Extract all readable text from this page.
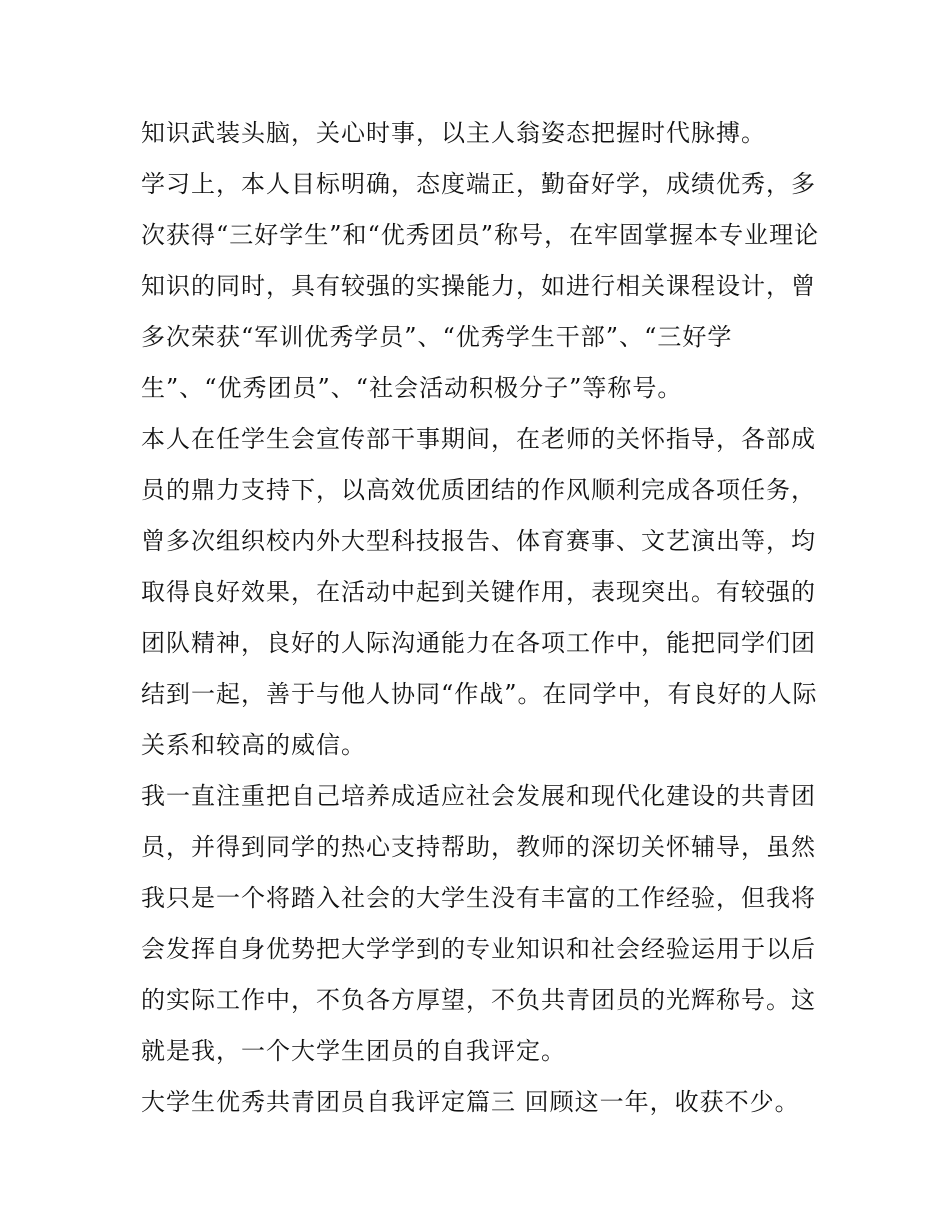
知识武装头脑，关心时事，以主人翁姿态把握时代脉搏。
学习上，本人目标明确，态度端正，勤奋好学，成绩优秀，多
次获得“三好学生”和“优秀团员”称号，在牢固掌握本专业理论
知识的同时，具有较强的实操能力，如进行相关课程设计，曾
多次荣获“军训优秀学员”、“优秀学生干部”、“三好学
生”、“优秀团员”、“社会活动积极分子”等称号。
本人在任学生会宣传部干事期间，在老师的关怀指导，各部成
员的鼎力支持下，以高效优质团结的作风顺利完成各项任务，
曾多次组织校内外大型科技报告、体育赛事、文艺演出等，均
取得良好效果，在活动中起到关键作用，表现突出。有较强的
团队精神，良好的人际沟通能力在各项工作中，能把同学们团
结到一起，善于与他人协同“作战”。在同学中，有良好的人际
关系和较高的威信。
我一直注重把自己培养成适应社会发展和现代化建设的共青团
员，并得到同学的热心支持帮助，教师的深切关怀辅导，虽然
我只是一个将踏入社会的大学生没有丰富的工作经验，但我将
会发挥自身优势把大学学到的专业知识和社会经验运用于以后
的实际工作中，不负各方厚望，不负共青团员的光辉称号。这
就是我，一个大学生团员的自我评定。
大学生优秀共青团员自我评定篇三 回顾这一年，收获不少。
